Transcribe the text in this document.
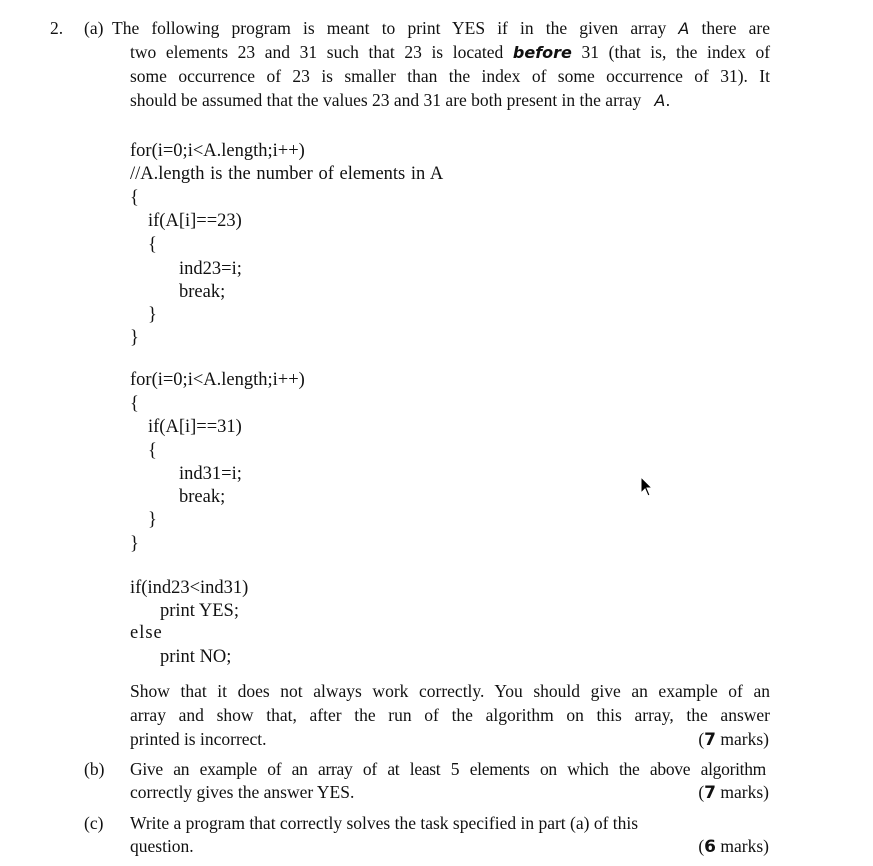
2. (a) The following program is meant to print YES if in the given array A there are
two elements 23 and 31 such that 23 is located before 31 (that is, the index of
some occurrence of 23 is smaller than the index of some occurrence of 31). It
should be assumed that the values 23 and 31 are both present in the array A.
for(i=0;i<A.length;i++)
//A.length is the number of elements in A
{
if(A[i]==23)
{
ind23=i;
break;
}
}
for(i=0;i<A.length;i++)
{
if(A[i]==31)
{
ind31=i;
break;
}
}
if(ind23<ind31)
print YES;
else
print NO;
Show that it does not always work correctly. You should give an example of an
array and show that, after the run of the algorithm on this array, the answer
printed is incorrect.	(7 marks)
(b) Give an example of an array of at least 5 elements on which the above algorithm
correctly gives the answer YES.	(7 marks)
(c) Write a program that correctly solves the task specified in part (a) of this
question.	(6 marks)
